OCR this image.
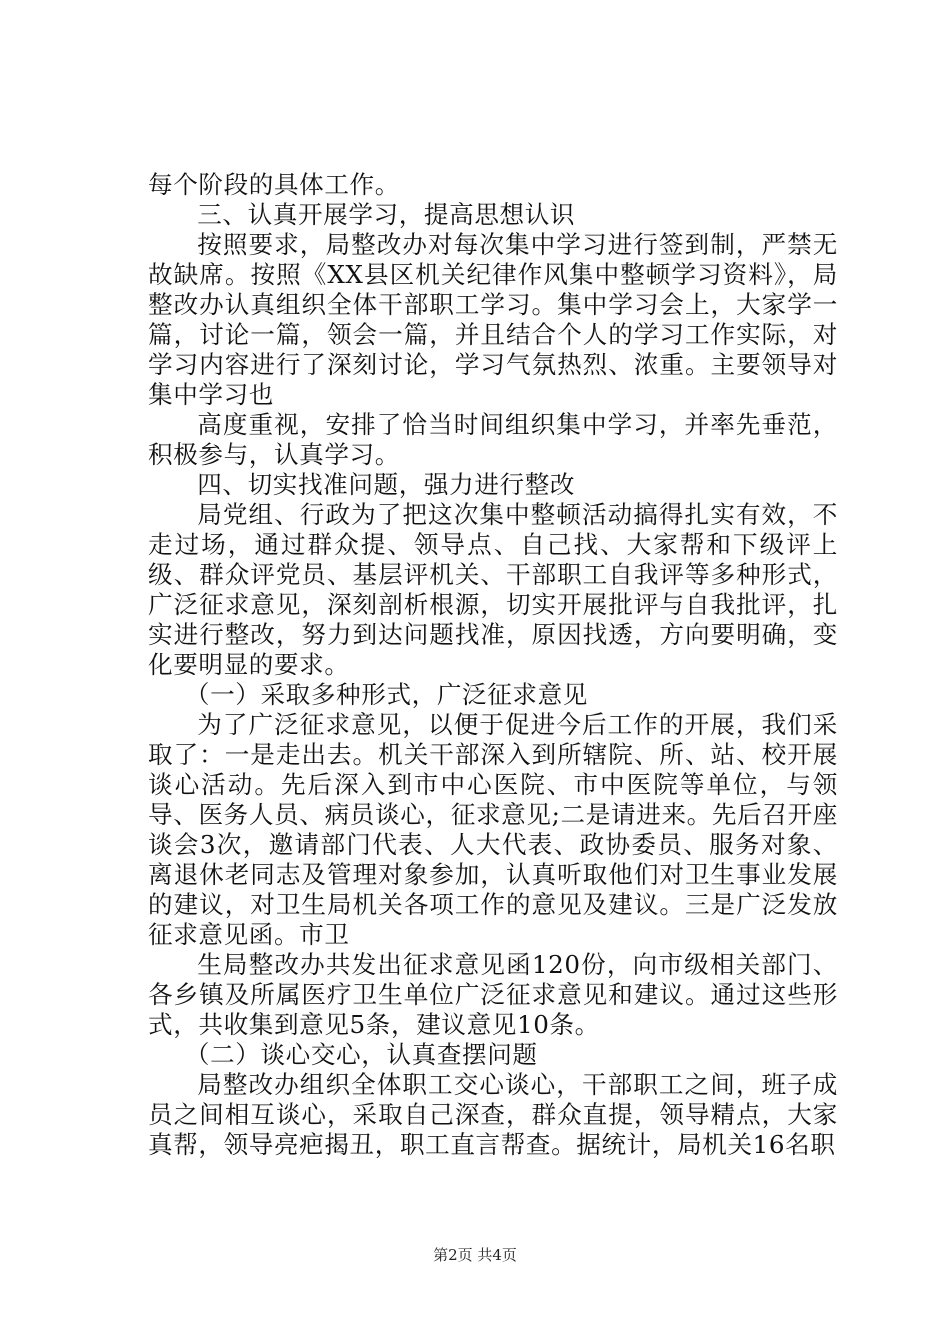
每个阶段的具体工作。

三、认真开展学习，提高思想认识

按照要求，局整改办对每次集中学习进行签到制，严禁无故缺席。按照《XX县区机关纪律作风集中整顿学习资料》，局整改办认真组织全体干部职工学习。集中学习会上，大家学一篇，讨论一篇，领会一篇，并且结合个人的学习工作实际，对学习内容进行了深刻讨论，学习气氛热烈、浓重。主要领导对集中学习也

高度重视，安排了恰当时间组织集中学习，并率先垂范，积极参与，认真学习。

四、切实找准问题，强力进行整改

局党组、行政为了把这次集中整顿活动搞得扎实有效，不走过场，通过群众提、领导点、自己找、大家帮和下级评上级、群众评党员、基层评机关、干部职工自我评等多种形式，广泛征求意见，深刻剖析根源，切实开展批评与自我批评，扎实进行整改，努力到达问题找准，原因找透，方向要明确，变化要明显的要求。

（一）采取多种形式，广泛征求意见

为了广泛征求意见，以便于促进今后工作的开展，我们采取了：一是走出去。机关干部深入到所辖院、所、站、校开展谈心活动。先后深入到市中心医院、市中医院等单位，与领导、医务人员、病员谈心，征求意见;二是请进来。先后召开座谈会3次，邀请部门代表、人大代表、政协委员、服务对象、离退休老同志及管理对象参加，认真听取他们对卫生事业发展的建议，对卫生局机关各项工作的意见及建议。三是广泛发放征求意见函。市卫

生局整改办共发出征求意见函120份，向市级相关部门、各乡镇及所属医疗卫生单位广泛征求意见和建议。通过这些形式，共收集到意见5条，建议意见10条。

（二）谈心交心，认真查摆问题

局整改办组织全体职工交心谈心，干部职工之间，班子成员之间相互谈心，采取自己深查，群众直提，领导精点，大家真帮，领导亮疤揭丑，职工直言帮查。据统计，局机关16名职

第2页 共4页
